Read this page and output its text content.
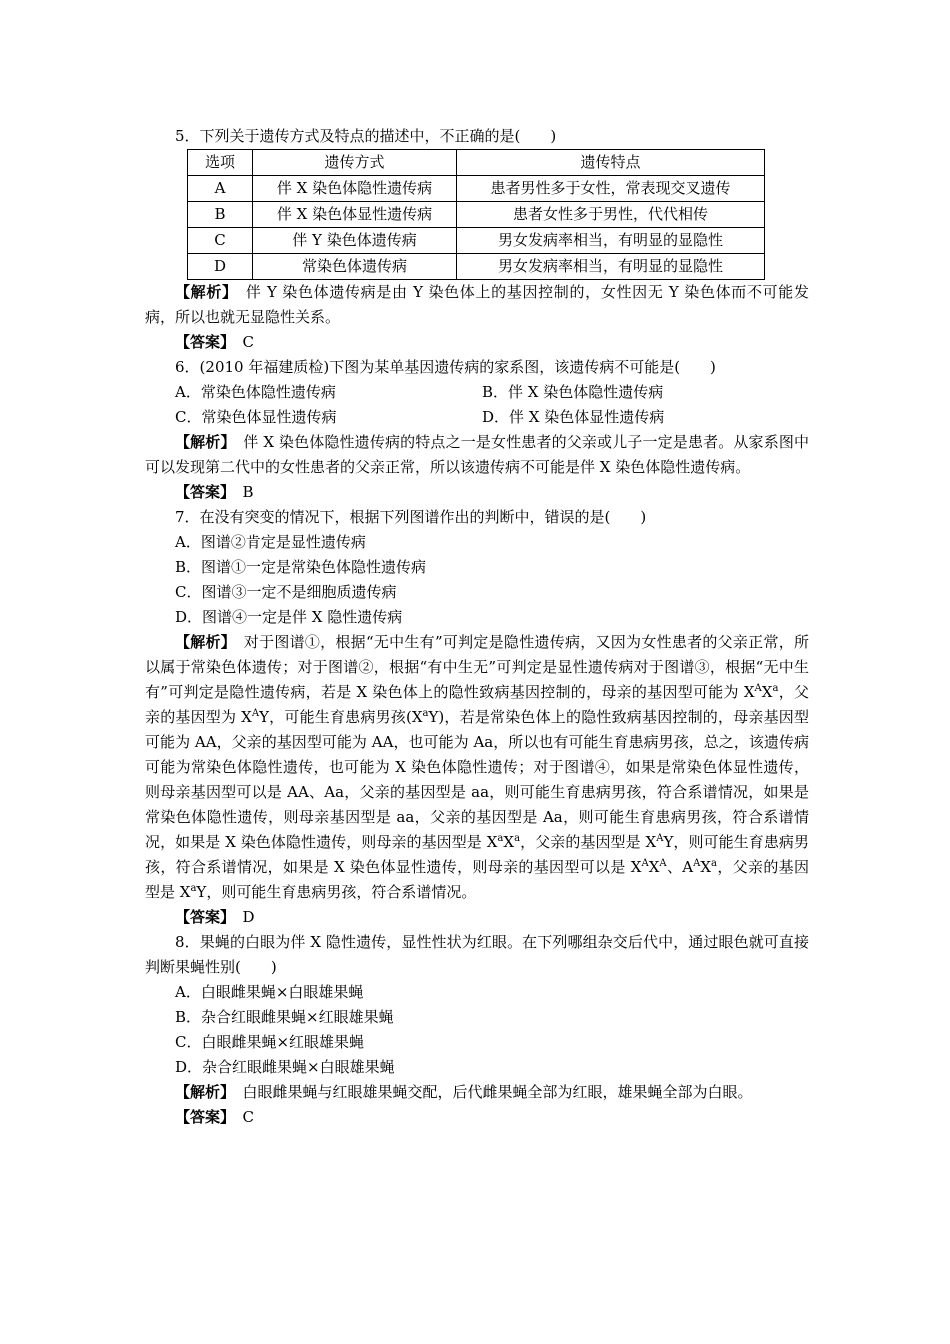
5．下列关于遗传方式及特点的描述中，不正确的是(　　)

选项	遗传方式	遗传特点
A	伴 X 染色体隐性遗传病	患者男性多于女性，常表现交叉遗传
B	伴 X 染色体显性遗传病	患者女性多于男性，代代相传
C	伴 Y 染色体遗传病	男女发病率相当，有明显的显隐性
D	常染色体遗传病	男女发病率相当，有明显的显隐性

【解析】　 伴 Y 染色体遗传病是由 Y 染色体上的基因控制的，女性因无 Y 染色体而不可能发病，所以也就无显隐性关系。

【答案】　 C

6．(2010 年福建质检)下图为某单基因遗传病的家系图，该遗传病不可能是(　　)

A．常染色体隐性遗传病	B．伴 X 染色体隐性遗传病
C．常染色体显性遗传病	D．伴 X 染色体显性遗传病

【解析】　 伴 X 染色体隐性遗传病的特点之一是女性患者的父亲或儿子一定是患者。从家系图中可以发现第二代中的女性患者的父亲正常，所以该遗传病不可能是伴 X 染色体隐性遗传病。

【答案】　 B

7．在没有突变的情况下，根据下列图谱作出的判断中，错误的是(　　)

A．图谱②肯定是显性遗传病

B．图谱①一定是常染色体隐性遗传病

C．图谱③一定不是细胞质遗传病

D．图谱④一定是伴 X 隐性遗传病

【解析】　 对于图谱①，根据“无中生有”可判定是隐性遗传病，又因为女性患者的父亲正常，所以属于常染色体遗传；对于图谱②，根据“有中生无”可判定是显性遗传病对于图谱③，根据“无中生有”可判定是隐性遗传病，若是 X 染色体上的隐性致病基因控制的，母亲的基因型可能为 $X^AX^a$，父亲的基因型为 $X^AY$，可能生育患病男孩$(X^aY)$，若是常染色体上的隐性致病基因控制的，母亲基因型可能为 AA，父亲的基因型可能为 AA，也可能为 Aa，所以也有可能生育患病男孩，总之，该遗传病可能为常染色体隐性遗传，也可能为 X 染色体隐性遗传；对于图谱④，如果是常染色体显性遗传，则母亲基因型可以是 AA、Aa，父亲的基因型是 aa，则可能生育患病男孩，符合系谱情况，如果是常染色体隐性遗传，则母亲基因型是 aa，父亲的基因型是 Aa，则可能生育患病男孩，符合系谱情况，如果是 X 染色体隐性遗传，则母亲的基因型是 $X^aX^a$，父亲的基因型是 $X^AY$，则可能生育患病男孩，符合系谱情况，如果是 X 染色体显性遗传，则母亲的基因型可以是 $X^AX^A$、$A^AX^a$，父亲的基因型是 $X^aY$，则可能生育患病男孩，符合系谱情况。

【答案】　 D

8．果蝇的白眼为伴 X 隐性遗传，显性性状为红眼。在下列哪组杂交后代中，通过眼色就可直接判断果蝇性别(　　)

A．白眼雌果蝇×白眼雄果蝇

B．杂合红眼雌果蝇×红眼雄果蝇

C．白眼雌果蝇×红眼雄果蝇

D．杂合红眼雌果蝇×白眼雄果蝇

【解析】　 白眼雌果蝇与红眼雄果蝇交配，后代雌果蝇全部为红眼，雄果蝇全部为白眼。

【答案】　 C
